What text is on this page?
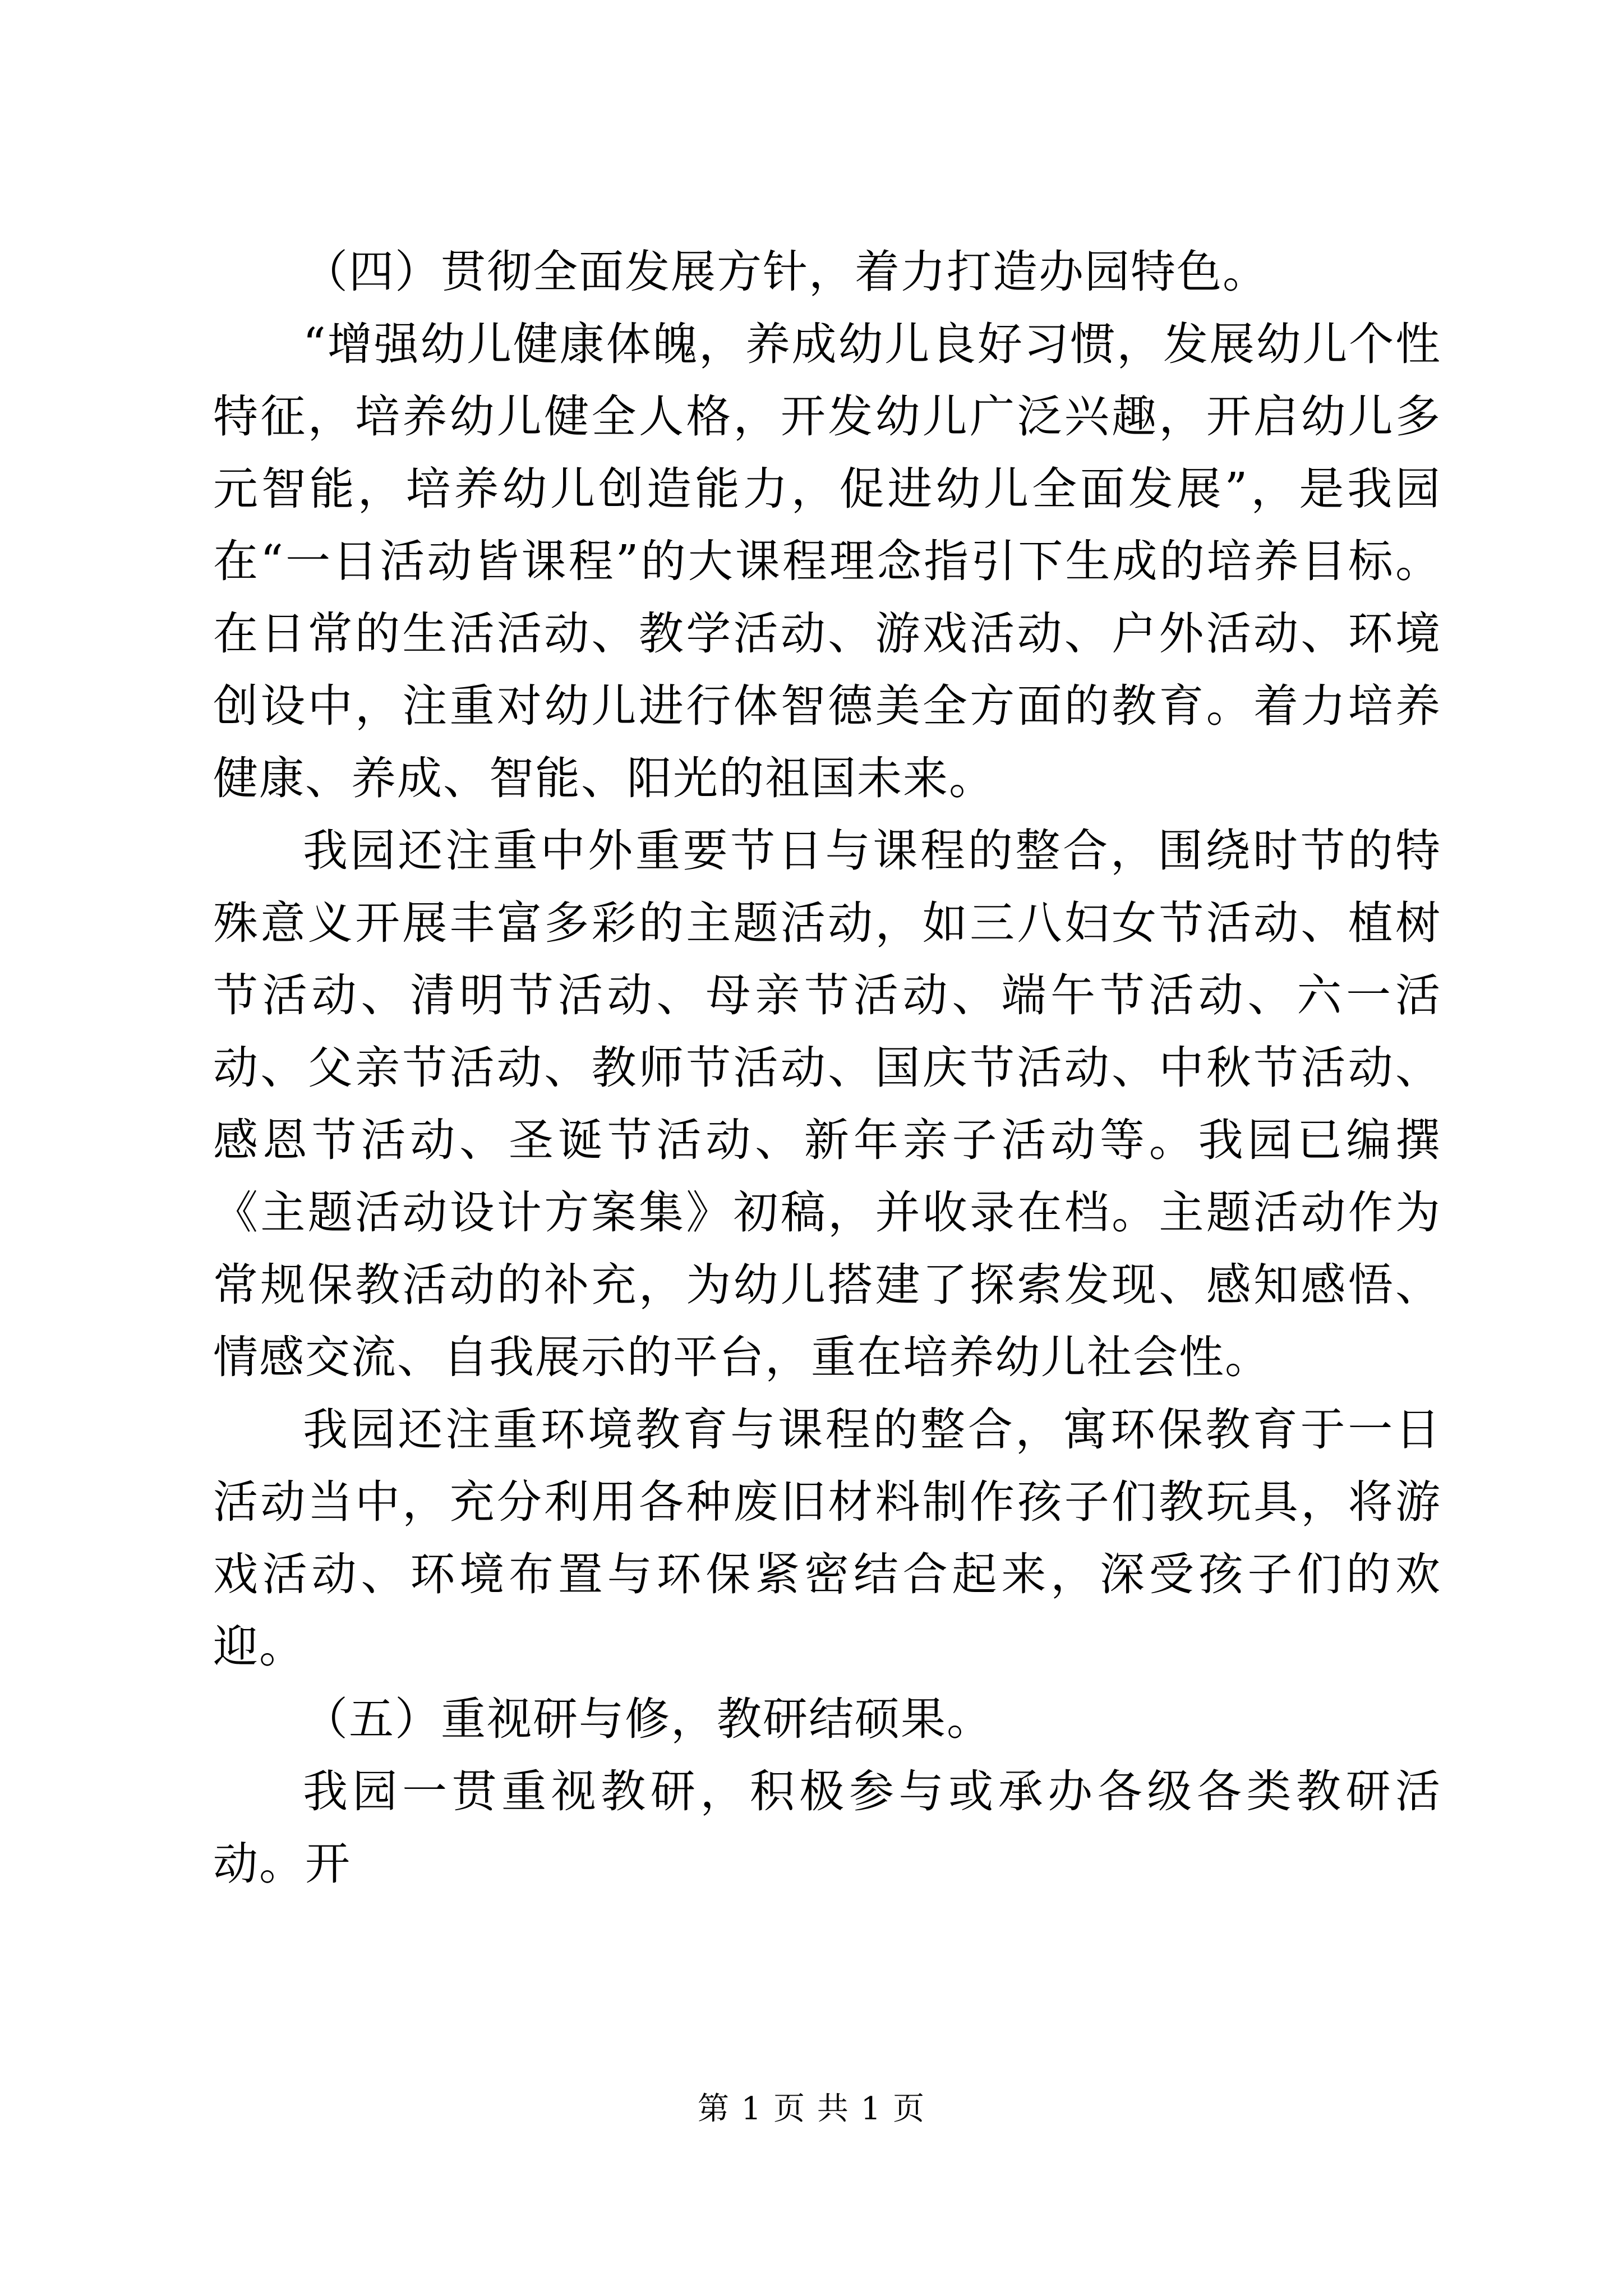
（四）贯彻全面发展方针，着力打造办园特色。

“增强幼儿健康体魄，养成幼儿良好习惯，发展幼儿个性特征，培养幼儿健全人格，开发幼儿广泛兴趣，开启幼儿多元智能，培养幼儿创造能力，促进幼儿全面发展”，是我园在“一日活动皆课程”的大课程理念指引下生成的培养目标。在日常的生活活动、教学活动、游戏活动、户外活动、环境创设中，注重对幼儿进行体智德美全方面的教育。着力培养健康、养成、智能、阳光的祖国未来。

我园还注重中外重要节日与课程的整合，围绕时节的特殊意义开展丰富多彩的主题活动，如三八妇女节活动、植树节活动、清明节活动、母亲节活动、端午节活动、六一活动、父亲节活动、教师节活动、国庆节活动、中秋节活动、感恩节活动、圣诞节活动、新年亲子活动等。我园已编撰《主题活动设计方案集》初稿，并收录在档。主题活动作为常规保教活动的补充，为幼儿搭建了探索发现、感知感悟、情感交流、自我展示的平台，重在培养幼儿社会性。

我园还注重环境教育与课程的整合，寓环保教育于一日活动当中，充分利用各种废旧材料制作孩子们教玩具，将游戏活动、环境布置与环保紧密结合起来，深受孩子们的欢迎。

（五）重视研与修，教研结硕果。

我园一贯重视教研，积极参与或承办各级各类教研活动。开

第 1 页 共 1 页
